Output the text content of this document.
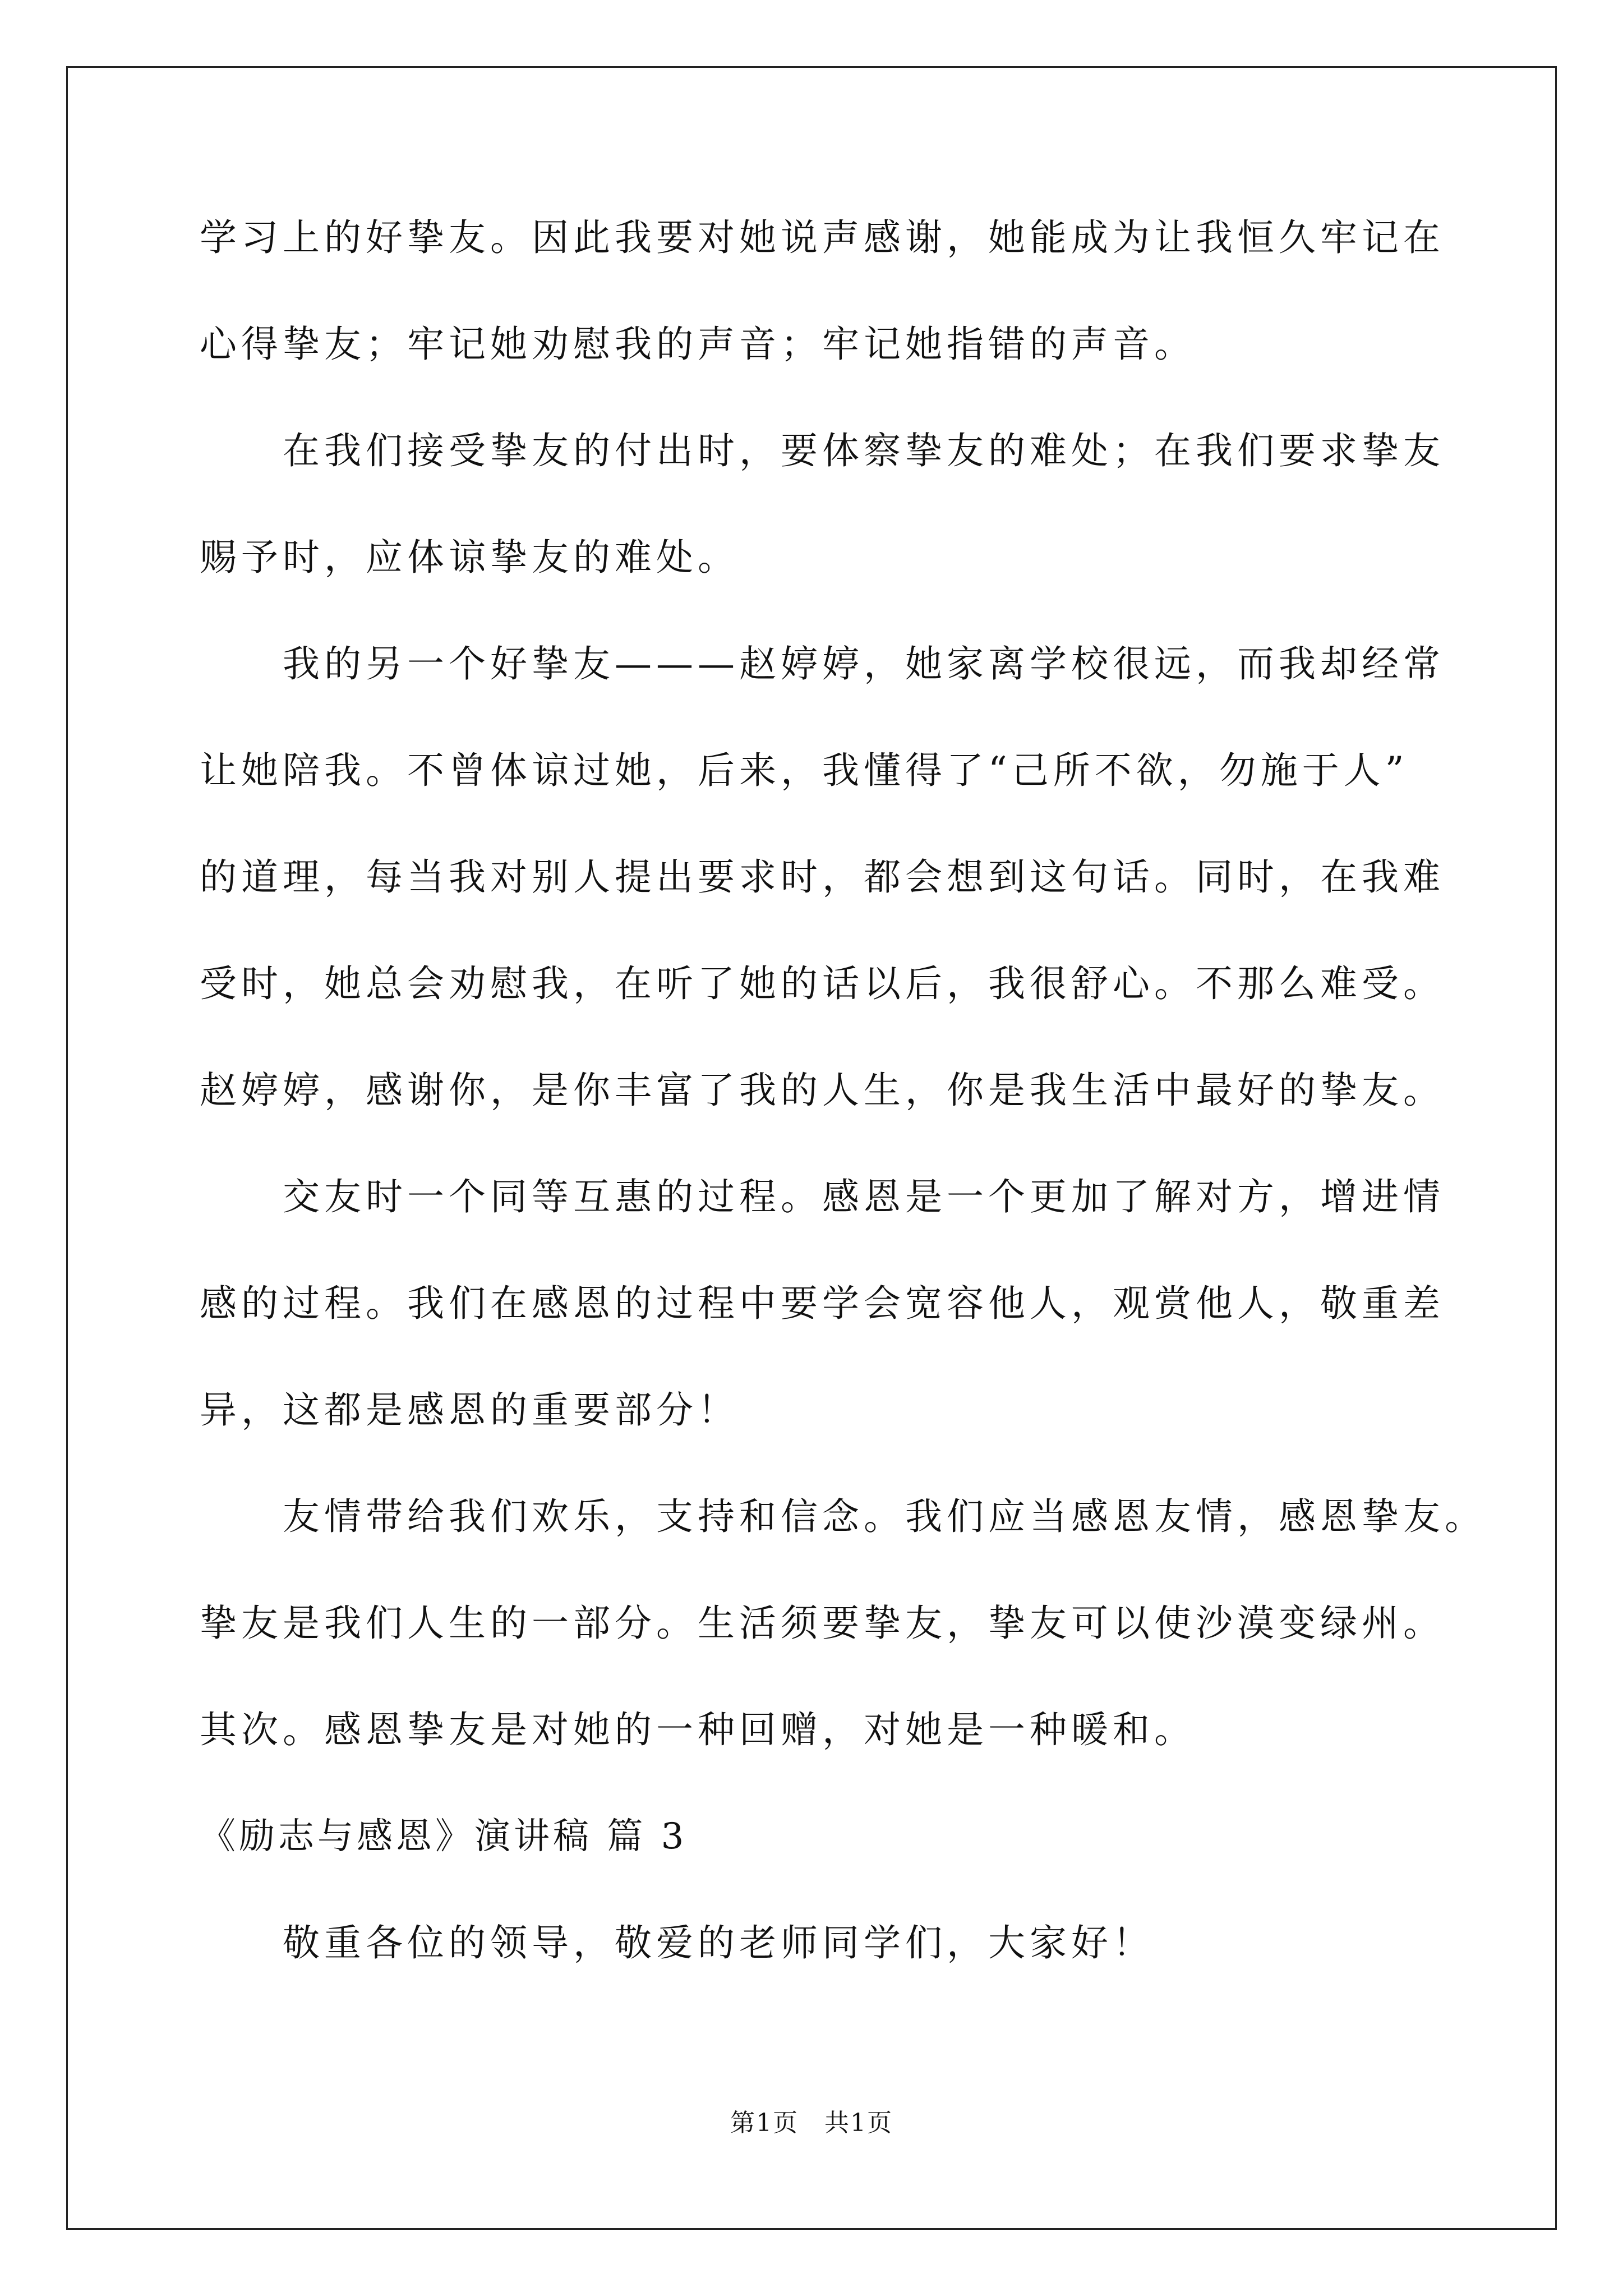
学习上的好挚友。因此我要对她说声感谢，她能成为让我恒久牢记在
心得挚友；牢记她劝慰我的声音；牢记她指错的声音。
在我们接受挚友的付出时，要体察挚友的难处；在我们要求挚友
赐予时，应体谅挚友的难处。
我的另一个好挚友———赵婷婷，她家离学校很远，而我却经常
让她陪我。不曾体谅过她，后来，我懂得了“己所不欲，勿施于人”
的道理，每当我对别人提出要求时，都会想到这句话。同时，在我难
受时，她总会劝慰我，在听了她的话以后，我很舒心。不那么难受。
赵婷婷，感谢你，是你丰富了我的人生，你是我生活中最好的挚友。
交友时一个同等互惠的过程。感恩是一个更加了解对方，增进情
感的过程。我们在感恩的过程中要学会宽容他人，观赏他人，敬重差
异，这都是感恩的重要部分！
友情带给我们欢乐，支持和信念。我们应当感恩友情，感恩挚友。
挚友是我们人生的一部分。生活须要挚友，挚友可以使沙漠变绿州。
其次。感恩挚友是对她的一种回赠，对她是一种暖和。
《励志与感恩》演讲稿 篇 3
敬重各位的领导，敬爱的老师同学们，大家好！
第1页　共1页
